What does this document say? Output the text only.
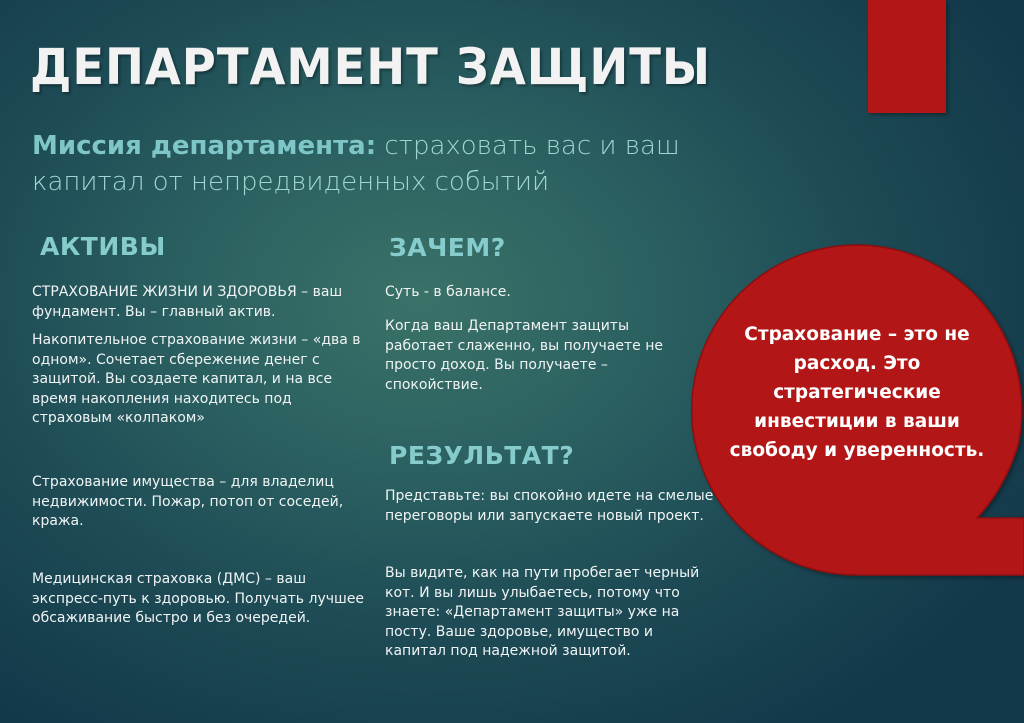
ДЕПАРТАМЕНТ ЗАЩИТЫ
Миссия департамента: страховать вас и ваш капитал от непредвиденных событий
АКТИВЫ
СТРАХОВАНИЕ ЖИЗНИ И ЗДОРОВЬЯ – ваш фундамент. Вы – главный актив.
Накопительное страхование жизни – «два в одном». Сочетает сбережение денег с защитой. Вы создаете капитал, и на все время накопления находитесь под страховым «колпаком»
Страхование имущества – для владелиц недвижимости. Пожар, потоп от соседей, кража.
Медицинская страховка (ДМС) – ваш экспресс-путь к здоровью. Получать лучшее обсаживание быстро и без очередей.
ЗАЧЕМ?
Суть - в балансе.
Когда ваш Департамент защиты работает слаженно, вы получаете не просто доход. Вы получаете – спокойствие.
РЕЗУЛЬТАТ?
Представьте: вы спокойно идете на смелые переговоры или запускаете новый проект.
Вы видите, как на пути пробегает черный кот. И вы лишь улыбаетесь, потому что знаете: «Департамент защиты» уже на посту. Ваше здоровье, имущество и капитал под надежной защитой.
Страхование – это не расход. Это стратегические инвестиции в ваши свободу и уверенность.
